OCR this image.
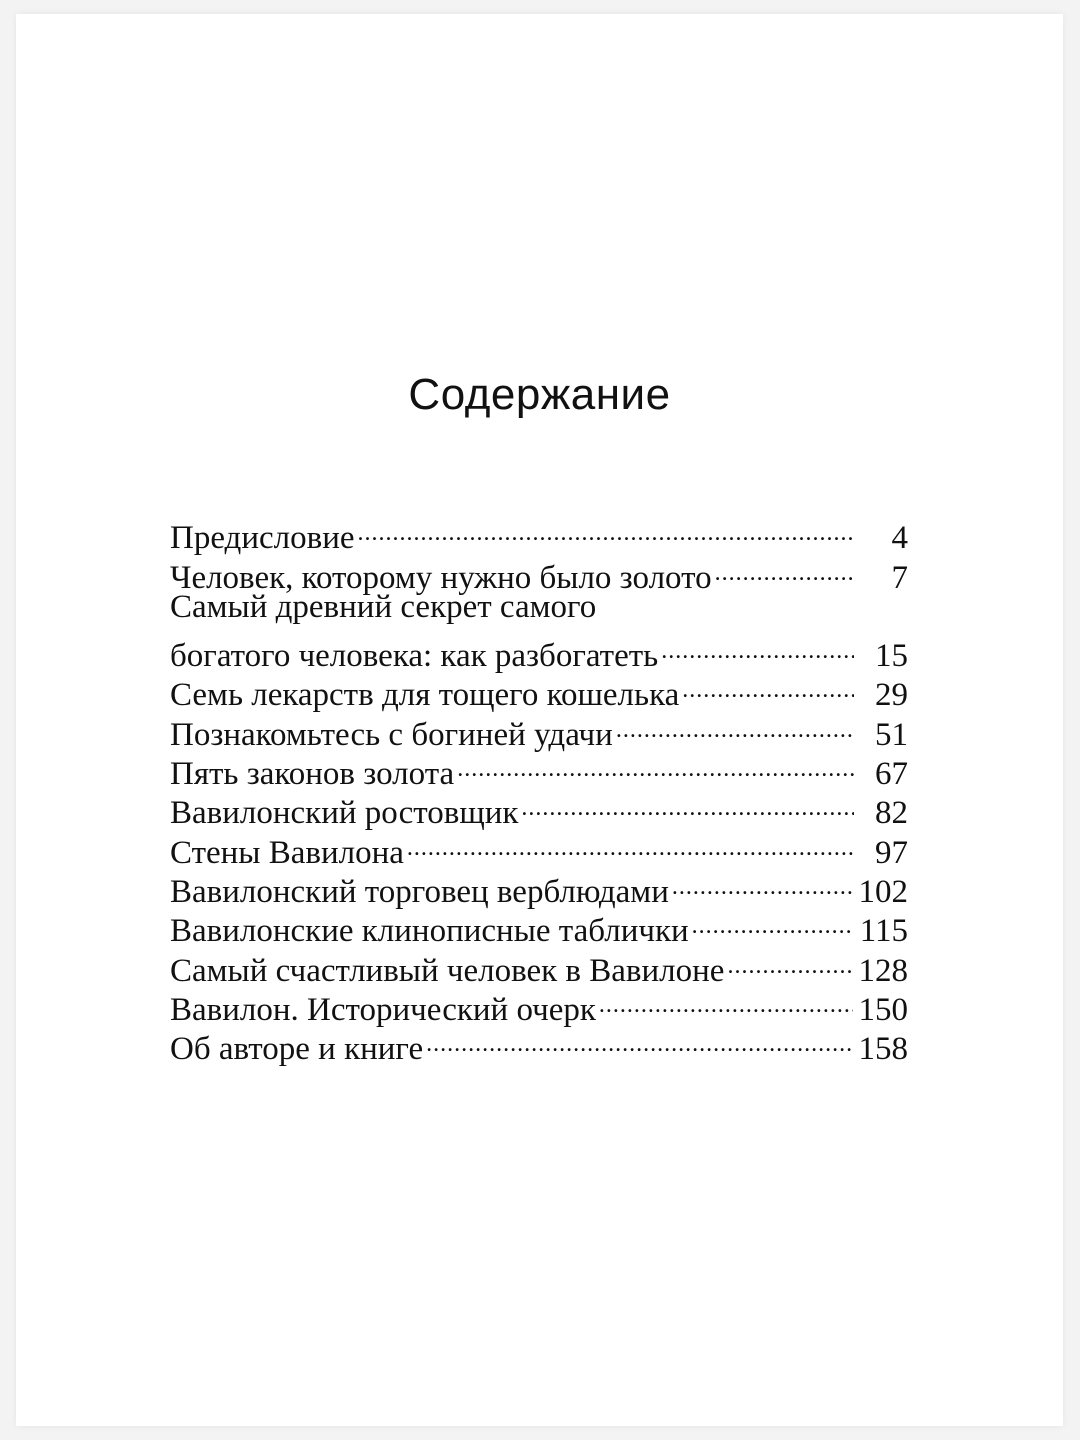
Содержание
Предисловие .....	4
Человек, которому нужно было золото .....	7
Самый древний секрет самого
богатого человека: как разбогатеть .....	15
Семь лекарств для тощего кошелька .....	29
Познакомьтесь с богиней удачи .....	51
Пять законов золота .....	67
Вавилонский ростовщик .....	82
Стены Вавилона .....	97
Вавилонский торговец верблюдами .....	102
Вавилонские клинописные таблички .....	115
Самый счастливый человек в Вавилоне .....	128
Вавилон. Исторический очерк .....	150
Об авторе и книге .....	158
